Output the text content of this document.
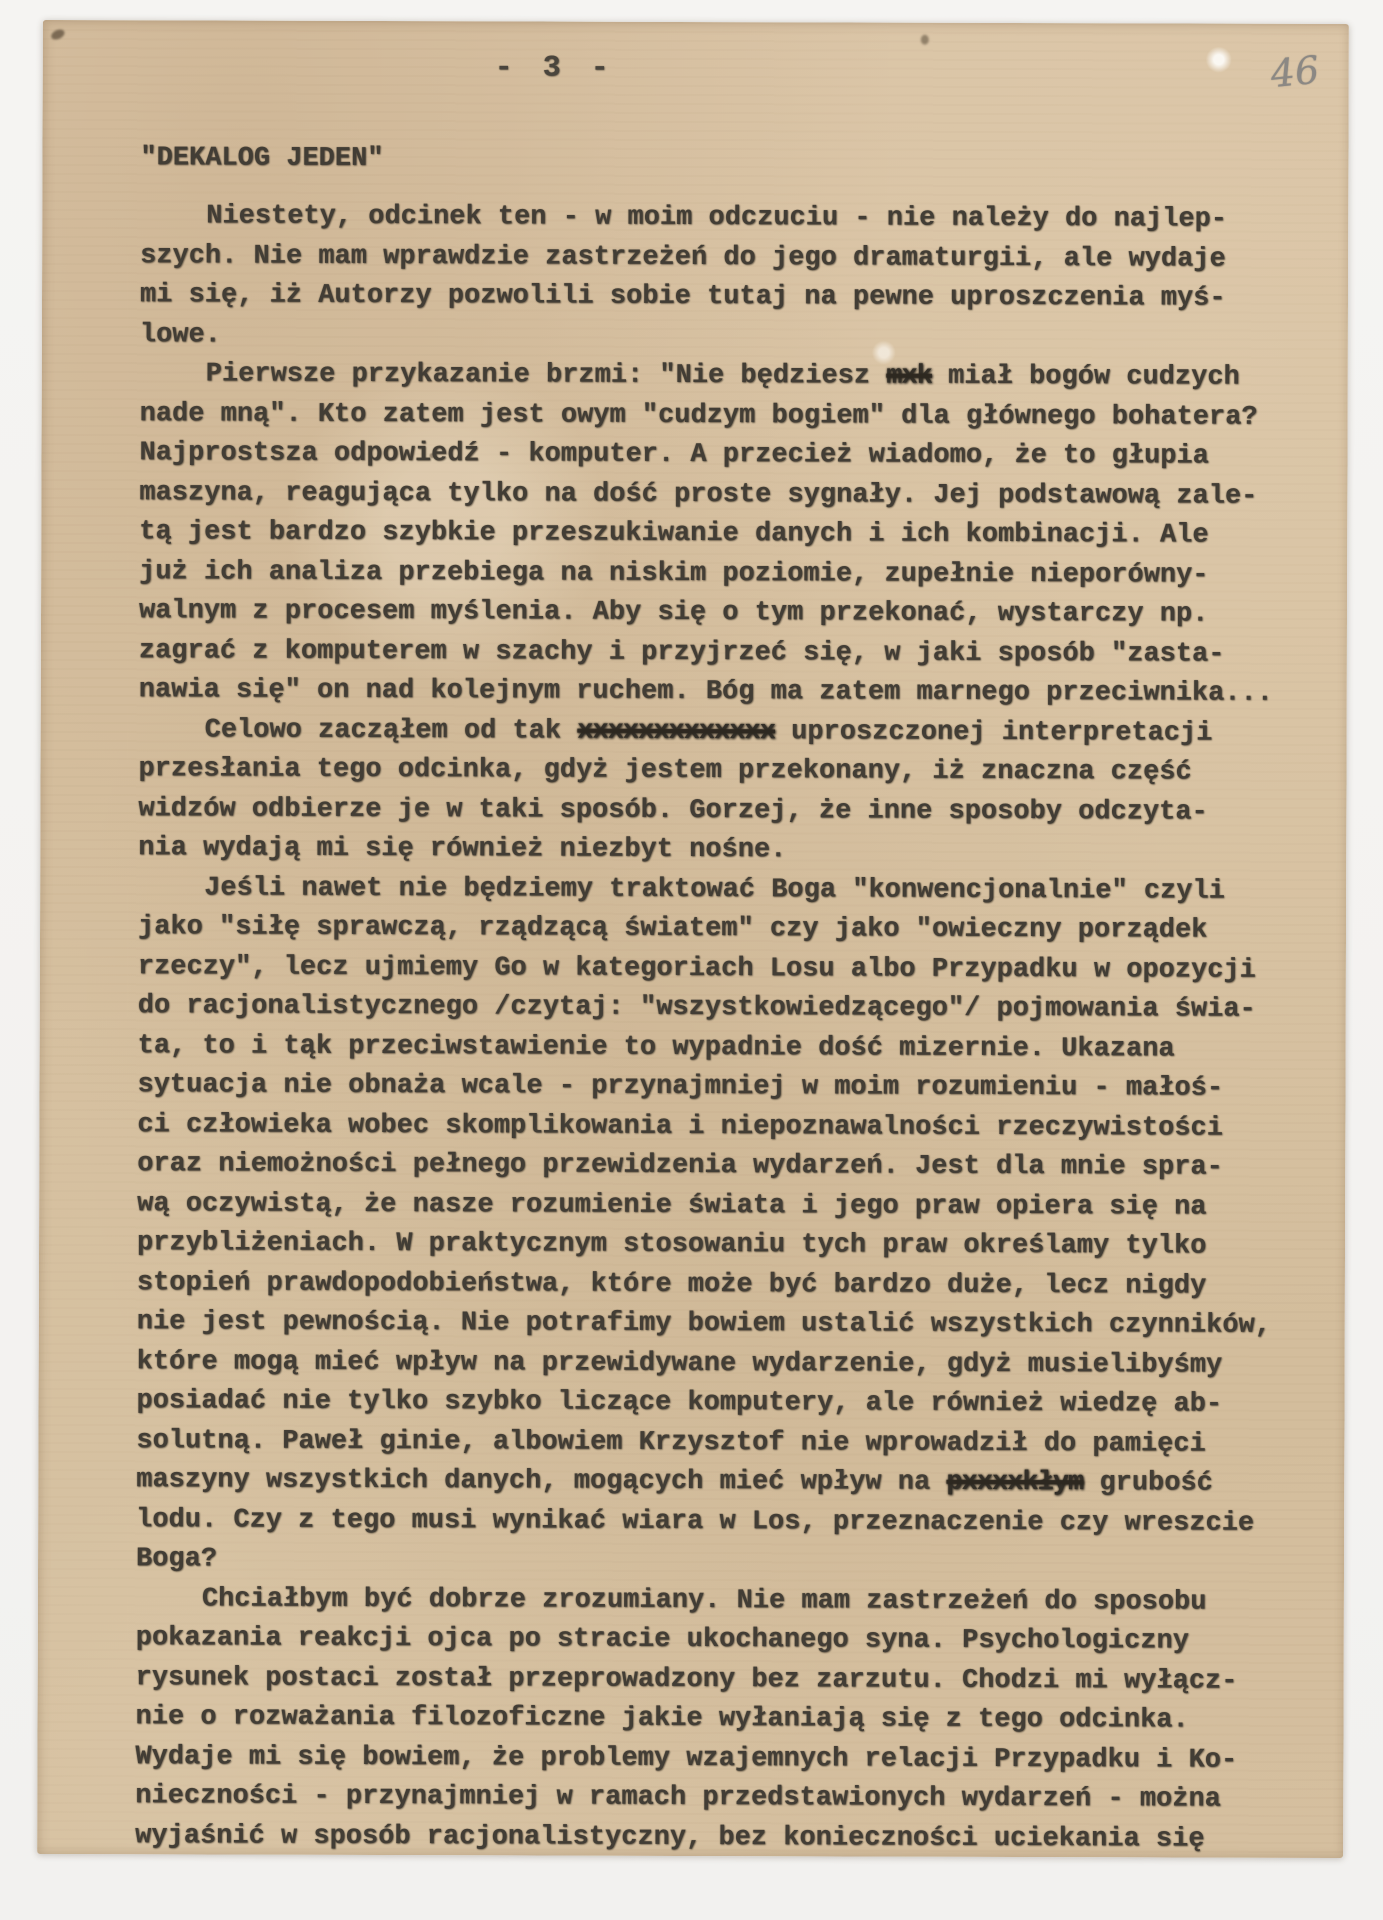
- 3 -	46
"DEKALOG JEDEN"
Niestety, odcinek ten - w moim odczuciu - nie należy do najlep-
szych. Nie mam wprawdzie zastrzeżeń do jego dramaturgii, ale wydaje
mi się, iż Autorzy pozwolili sobie tutaj na pewne uproszczenia myś-
lowe.
Pierwsze przykazanie brzmi: "Nie będziesz mxk miał bogów cudzych
nade mną". Kto zatem jest owym "cudzym bogiem" dla głównego bohatera?
Najprostsza odpowiedź - komputer. A przecież wiadomo, że to głupia
maszyna, reagująca tylko na dość proste sygnały. Jej podstawową zale-
tą jest bardzo szybkie przeszukiwanie danych i ich kombinacji. Ale
już ich analiza przebiega na niskim poziomie, zupełnie nieporówny-
walnym z procesem myślenia. Aby się o tym przekonać, wystarczy np.
zagrać z komputerem w szachy i przyjrzeć się, w jaki sposób "zasta-
nawia się" on nad kolejnym ruchem. Bóg ma zatem marnego przeciwnika...
Celowo zacząłem od tak xxxxxxxxxxxxx uproszczonej interpretacji
przesłania tego odcinka, gdyż jestem przekonany, iż znaczna część
widzów odbierze je w taki sposób. Gorzej, że inne sposoby odczyta-
nia wydają mi się również niezbyt nośne.
Jeśli nawet nie będziemy traktować Boga "konwencjonalnie" czyli
jako "siłę sprawczą, rządzącą światem" czy jako "owieczny porządek
rzeczy", lecz ujmiemy Go w kategoriach Losu albo Przypadku w opozycji
do racjonalistycznego /czytaj: "wszystkowiedzącego"/ pojmowania świa-
ta, to i tąk przeciwstawienie to wypadnie dość mizernie. Ukazana
sytuacja nie obnaża wcale - przynajmniej w moim rozumieniu - małoś-
ci człowieka wobec skomplikowania i niepoznawalności rzeczywistości
oraz niemożności pełnego przewidzenia wydarzeń. Jest dla mnie spra-
wą oczywistą, że nasze rozumienie świata i jego praw opiera się na
przybliżeniach. W praktycznym stosowaniu tych praw określamy tylko
stopień prawdopodobieństwa, które może być bardzo duże, lecz nigdy
nie jest pewnością. Nie potrafimy bowiem ustalić wszystkich czynników,
które mogą mieć wpływ na przewidywane wydarzenie, gdyż musielibyśmy
posiadać nie tylko szybko liczące komputery, ale również wiedzę ab-
solutną. Paweł ginie, albowiem Krzysztof nie wprowadził do pamięci
maszyny wszystkich danych, mogących mieć wpływ na pxxxxkłym grubość
lodu. Czy z tego musi wynikać wiara w Los, przeznaczenie czy wreszcie
Boga?
Chciałbym być dobrze zrozumiany. Nie mam zastrzeżeń do sposobu
pokazania reakcji ojca po stracie ukochanego syna. Psychologiczny
rysunek postaci został przeprowadzony bez zarzutu. Chodzi mi wyłącz-
nie o rozważania filozoficzne jakie wyłaniają się z tego odcinka.
Wydaje mi się bowiem, że problemy wzajemnych relacji Przypadku i Ko-
nieczności - przynajmniej w ramach przedstawionych wydarzeń - można
wyjaśnić w sposób racjonalistyczny, bez konieczności uciekania się
